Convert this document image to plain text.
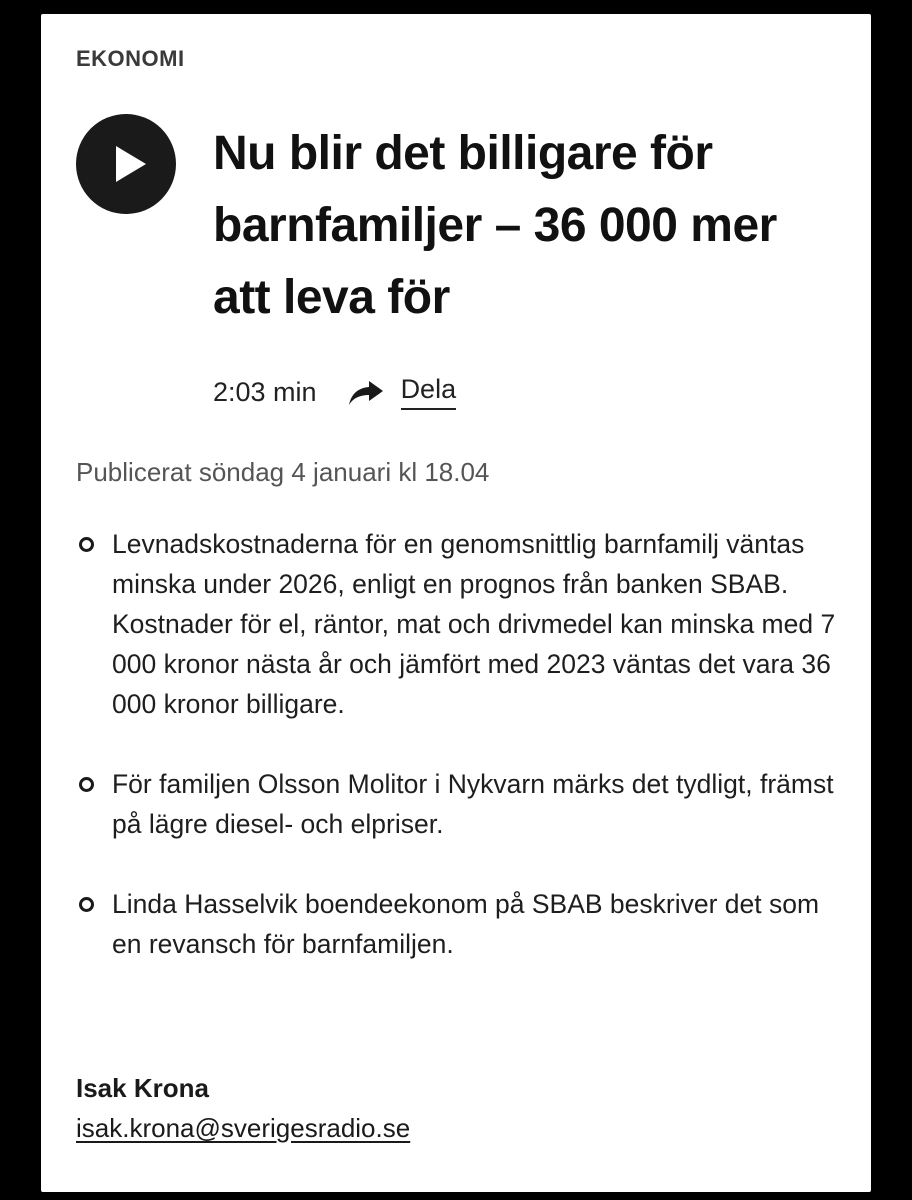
EKONOMI
Nu blir det billigare för barnfamiljer – 36 000 mer att leva för
2:03 min	Dela
Publicerat söndag 4 januari kl 18.04
Levnadskostnaderna för en genomsnittlig barnfamilj väntas minska under 2026, enligt en prognos från banken SBAB. Kostnader för el, räntor, mat och drivmedel kan minska med 7 000 kronor nästa år och jämfört med 2023 väntas det vara 36 000 kronor billigare.
För familjen Olsson Molitor i Nykvarn märks det tydligt, främst på lägre diesel- och elpriser.
Linda Hasselvik boendeekonom på SBAB beskriver det som en revansch för barnfamiljen.
Isak Krona
isak.krona@sverigesradio.se
